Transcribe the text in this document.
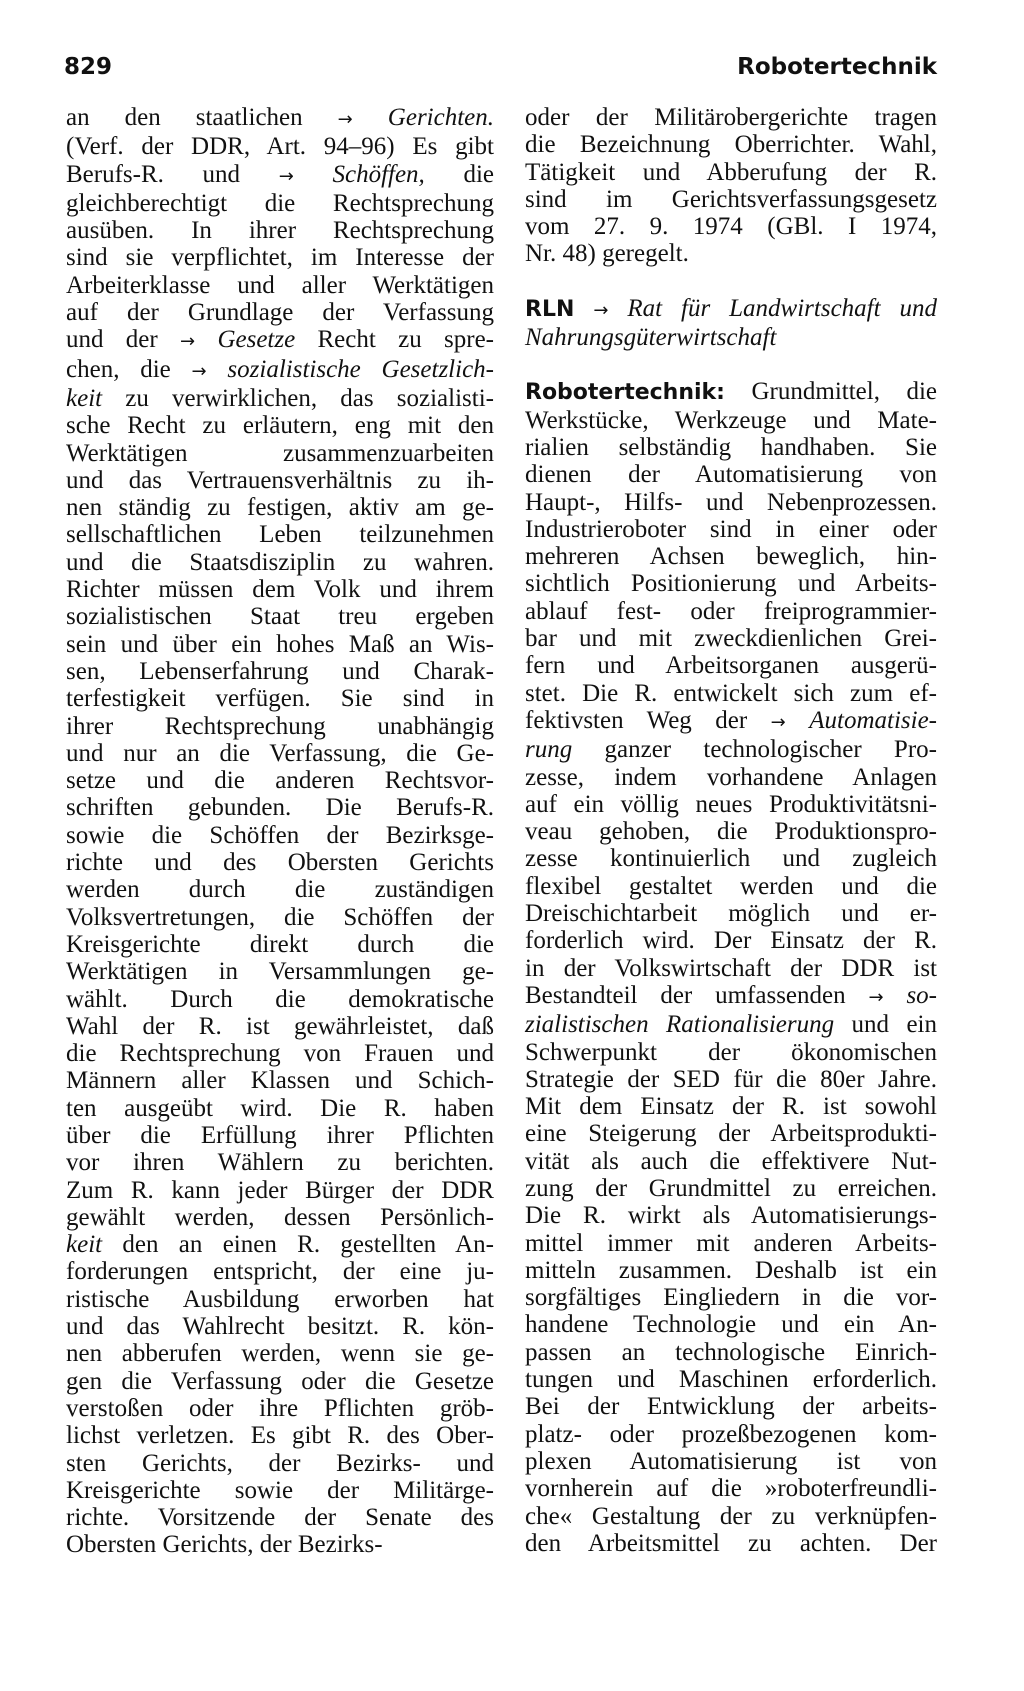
829	Robotertechnik
an den staatlichen → Gerichten.
(Verf. der DDR, Art. 94–96) Es gibt
Berufs-R. und → Schöffen, die
gleichberechtigt die Rechtsprechung
ausüben. In ihrer Rechtsprechung
sind sie verpflichtet, im Interesse der
Arbeiterklasse und aller Werktätigen
auf der Grundlage der Verfassung
und der → Gesetze Recht zu spre-
chen, die → sozialistische Gesetzlich-
keit zu verwirklichen, das sozialisti-
sche Recht zu erläutern, eng mit den
Werktätigen zusammenzuarbeiten
und das Vertrauensverhältnis zu ih-
nen ständig zu festigen, aktiv am ge-
sellschaftlichen Leben teilzunehmen
und die Staatsdisziplin zu wahren.
Richter müssen dem Volk und ihrem
sozialistischen Staat treu ergeben
sein und über ein hohes Maß an Wis-
sen, Lebenserfahrung und Charak-
terfestigkeit verfügen. Sie sind in
ihrer Rechtsprechung unabhängig
und nur an die Verfassung, die Ge-
setze und die anderen Rechtsvor-
schriften gebunden. Die Berufs-R.
sowie die Schöffen der Bezirksge-
richte und des Obersten Gerichts
werden durch die zuständigen
Volksvertretungen, die Schöffen der
Kreisgerichte direkt durch die
Werktätigen in Versammlungen ge-
wählt. Durch die demokratische
Wahl der R. ist gewährleistet, daß
die Rechtsprechung von Frauen und
Männern aller Klassen und Schich-
ten ausgeübt wird. Die R. haben
über die Erfüllung ihrer Pflichten
vor ihren Wählern zu berichten.
Zum R. kann jeder Bürger der DDR
gewählt werden, dessen Persönlich-
keit den an einen R. gestellten An-
forderungen entspricht, der eine ju-
ristische Ausbildung erworben hat
und das Wahlrecht besitzt. R. kön-
nen abberufen werden, wenn sie ge-
gen die Verfassung oder die Gesetze
verstoßen oder ihre Pflichten gröb-
lichst verletzen. Es gibt R. des Ober-
sten Gerichts, der Bezirks- und
Kreisgerichte sowie der Militärge-
richte. Vorsitzende der Senate des
Obersten Gerichts, der Bezirks-
oder der Militärobergerichte tragen
die Bezeichnung Oberrichter. Wahl,
Tätigkeit und Abberufung der R.
sind im Gerichtsverfassungsgesetz
vom 27. 9. 1974 (GBl. I 1974,
Nr. 48) geregelt.
RLN → Rat für Landwirtschaft und
Nahrungsgüterwirtschaft
Robotertechnik: Grundmittel, die
Werkstücke, Werkzeuge und Mate-
rialien selbständig handhaben. Sie
dienen der Automatisierung von
Haupt-, Hilfs- und Nebenprozessen.
Industrieroboter sind in einer oder
mehreren Achsen beweglich, hin-
sichtlich Positionierung und Arbeits-
ablauf fest- oder freiprogrammier-
bar und mit zweckdienlichen Grei-
fern und Arbeitsorganen ausgerü-
stet. Die R. entwickelt sich zum ef-
fektivsten Weg der → Automatisie-
rung ganzer technologischer Pro-
zesse, indem vorhandene Anlagen
auf ein völlig neues Produktivitätsni-
veau gehoben, die Produktionspro-
zesse kontinuierlich und zugleich
flexibel gestaltet werden und die
Dreischichtarbeit möglich und er-
forderlich wird. Der Einsatz der R.
in der Volkswirtschaft der DDR ist
Bestandteil der umfassenden → so-
zialistischen Rationalisierung und ein
Schwerpunkt der ökonomischen
Strategie der SED für die 80er Jahre.
Mit dem Einsatz der R. ist sowohl
eine Steigerung der Arbeitsprodukti-
vität als auch die effektivere Nut-
zung der Grundmittel zu erreichen.
Die R. wirkt als Automatisierungs-
mittel immer mit anderen Arbeits-
mitteln zusammen. Deshalb ist ein
sorgfältiges Eingliedern in die vor-
handene Technologie und ein An-
passen an technologische Einrich-
tungen und Maschinen erforderlich.
Bei der Entwicklung der arbeits-
platz- oder prozeßbezogenen kom-
plexen Automatisierung ist von
vornherein auf die »roboterfreundli-
che« Gestaltung der zu verknüpfen-
den Arbeitsmittel zu achten. Der
